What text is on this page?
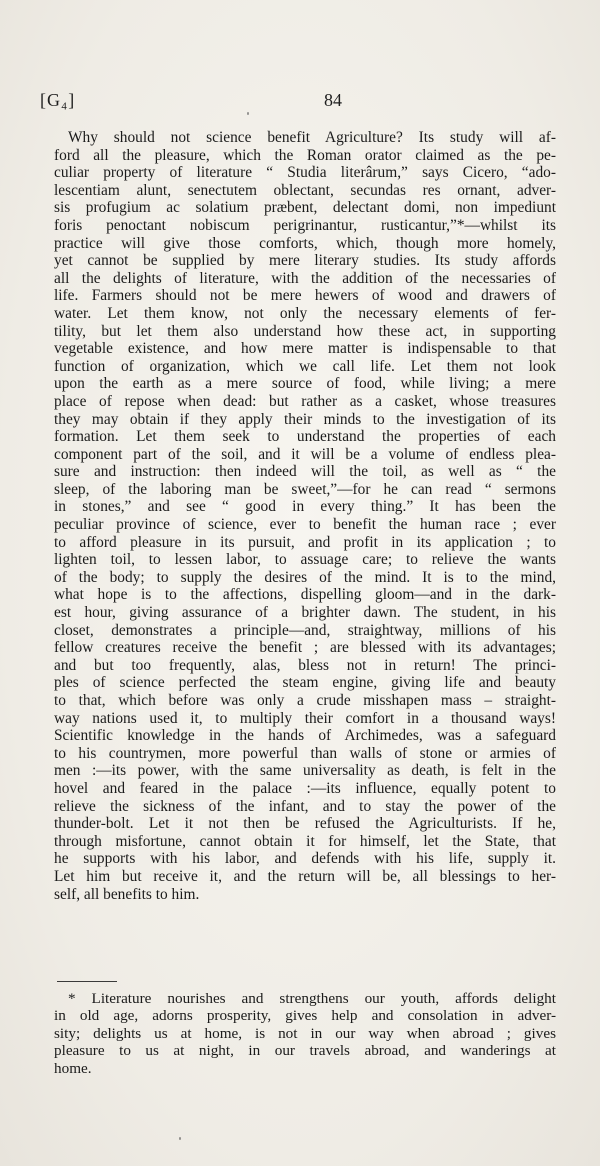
[G₄]	84
Why should not science benefit Agriculture? Its study will af-
ford all the pleasure, which the Roman orator claimed as the pe-
culiar property of literature “ Studia literârum,” says Cicero, “ado-
lescentiam alunt, senectutem oblectant, secundas res ornant, adver-
sis profugium ac solatium præbent, delectant domi, non impediunt
foris penoctant nobiscum perigrinantur, rusticantur,”*—whilst its
practice will give those comforts, which, though more homely,
yet cannot be supplied by mere literary studies. Its study affords
all the delights of literature, with the addition of the necessaries of
life. Farmers should not be mere hewers of wood and drawers of
water. Let them know, not only the necessary elements of fer-
tility, but let them also understand how these act, in supporting
vegetable existence, and how mere matter is indispensable to that
function of organization, which we call life. Let them not look
upon the earth as a mere source of food, while living; a mere
place of repose when dead: but rather as a casket, whose treasures
they may obtain if they apply their minds to the investigation of its
formation. Let them seek to understand the properties of each
component part of the soil, and it will be a volume of endless plea-
sure and instruction: then indeed will the toil, as well as “ the
sleep, of the laboring man be sweet,”—for he can read “ sermons
in stones,” and see “ good in every thing.” It has been the
peculiar province of science, ever to benefit the human race ; ever
to afford pleasure in its pursuit, and profit in its application ; to
lighten toil, to lessen labor, to assuage care; to relieve the wants
of the body; to supply the desires of the mind. It is to the mind,
what hope is to the affections, dispelling gloom—and in the dark-
est hour, giving assurance of a brighter dawn. The student, in his
closet, demonstrates a principle—and, straightway, millions of his
fellow creatures receive the benefit ; are blessed with its advantages;
and but too frequently, alas, bless not in return! The princi-
ples of science perfected the steam engine, giving life and beauty
to that, which before was only a crude misshapen mass – straight-
way nations used it, to multiply their comfort in a thousand ways!
Scientific knowledge in the hands of Archimedes, was a safeguard
to his countrymen, more powerful than walls of stone or armies of
men :—its power, with the same universality as death, is felt in the
hovel and feared in the palace :—its influence, equally potent to
relieve the sickness of the infant, and to stay the power of the
thunder-bolt. Let it not then be refused the Agriculturists. If he,
through misfortune, cannot obtain it for himself, let the State, that
he supports with his labor, and defends with his life, supply it.
Let him but receive it, and the return will be, all blessings to her-
self, all benefits to him.
* Literature nourishes and strengthens our youth, affords delight
in old age, adorns prosperity, gives help and consolation in adver-
sity; delights us at home, is not in our way when abroad ; gives
pleasure to us at night, in our travels abroad, and wanderings at
home.
